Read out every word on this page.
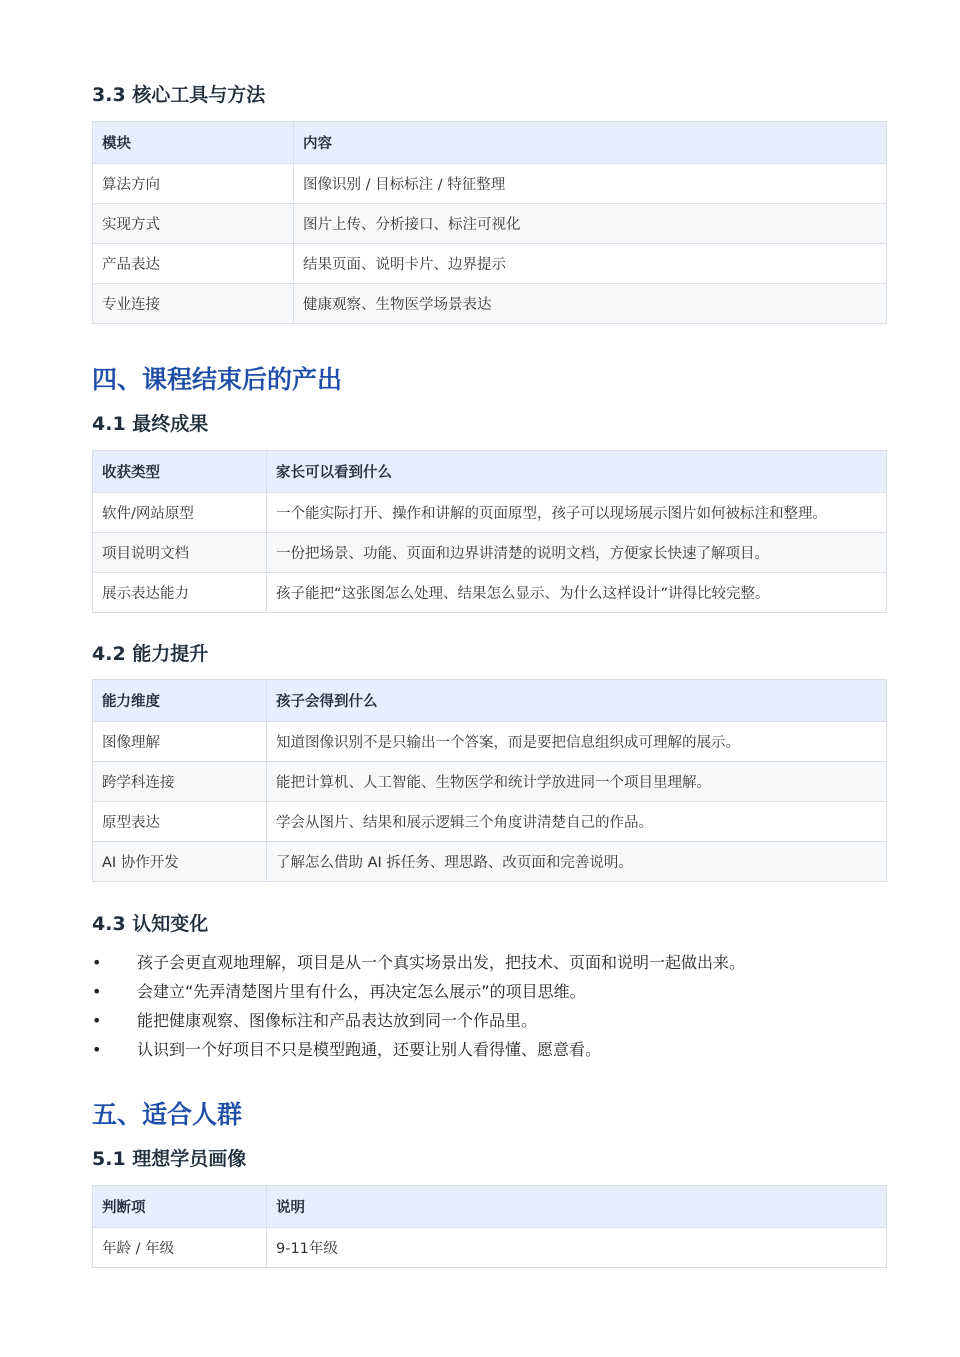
3.3 核心工具与方法
模块	内容
算法方向	图像识别 / 目标标注 / 特征整理
实现方式	图片上传、分析接口、标注可视化
产品表达	结果页面、说明卡片、边界提示
专业连接	健康观察、生物医学场景表达
四、课程结束后的产出
4.1 最终成果
收获类型	家长可以看到什么
软件/网站原型	一个能实际打开、操作和讲解的页面原型，孩子可以现场展示图片如何被标注和整理。
项目说明文档	一份把场景、功能、页面和边界讲清楚的说明文档，方便家长快速了解项目。
展示表达能力	孩子能把“这张图怎么处理、结果怎么显示、为什么这样设计”讲得比较完整。
4.2 能力提升
能力维度	孩子会得到什么
图像理解	知道图像识别不是只输出一个答案，而是要把信息组织成可理解的展示。
跨学科连接	能把计算机、人工智能、生物医学和统计学放进同一个项目里理解。
原型表达	学会从图片、结果和展示逻辑三个角度讲清楚自己的作品。
AI 协作开发	了解怎么借助 AI 拆任务、理思路、改页面和完善说明。
4.3 认知变化
• 孩子会更直观地理解，项目是从一个真实场景出发，把技术、页面和说明一起做出来。
• 会建立“先弄清楚图片里有什么，再决定怎么展示”的项目思维。
• 能把健康观察、图像标注和产品表达放到同一个作品里。
• 认识到一个好项目不只是模型跑通，还要让别人看得懂、愿意看。
五、适合人群
5.1 理想学员画像
判断项	说明
年龄 / 年级	9-11年级
